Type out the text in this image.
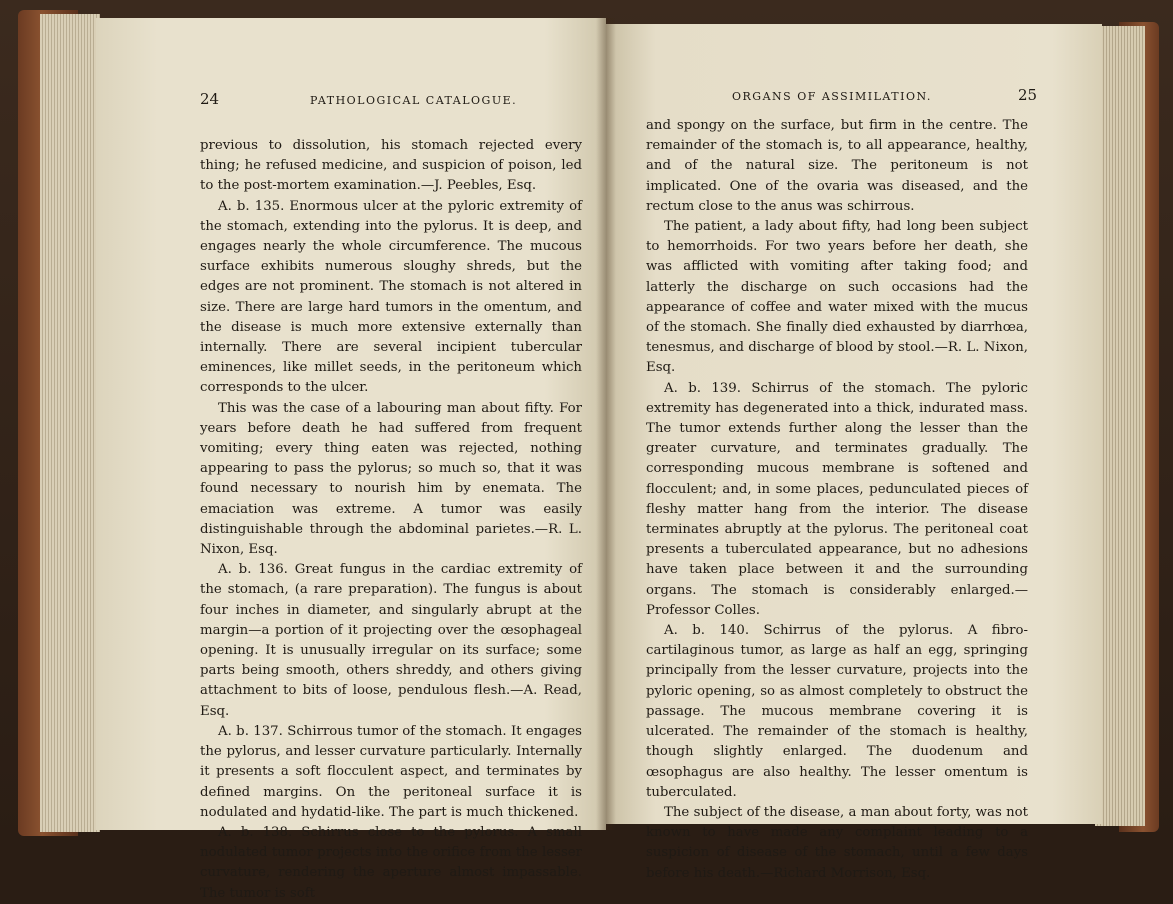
24	PATHOLOGICAL CATALOGUE.

previous to dissolution, his stomach rejected every thing; he refused medicine, and suspicion of poison, led to the post-mortem examination.—J. Peebles, Esq.

A. b. 135. Enormous ulcer at the pyloric extremity of the stomach, extending into the pylorus. It is deep, and engages nearly the whole circumference. The mucous surface exhibits numerous sloughy shreds, but the edges are not prominent. The stomach is not altered in size. There are large hard tumors in the omentum, and the disease is much more extensive externally than internally. There are several incipient tubercular eminences, like millet seeds, in the peritoneum which corresponds to the ulcer.

This was the case of a labouring man about fifty. For years before death he had suffered from frequent vomiting; every thing eaten was rejected, nothing appearing to pass the pylorus; so much so, that it was found necessary to nourish him by enemata. The emaciation was extreme. A tumor was easily distinguishable through the abdominal parietes.—R. L. Nixon, Esq.

A. b. 136. Great fungus in the cardiac extremity of the stomach, (a rare preparation). The fungus is about four inches in diameter, and singularly abrupt at the margin—a portion of it projecting over the œsophageal opening. It is unusually irregular on its surface; some parts being smooth, others shreddy, and others giving attachment to bits of loose, pendulous flesh.—A. Read, Esq.

A. b. 137. Schirrous tumor of the stomach. It engages the pylorus, and lesser curvature particularly. Internally it presents a soft flocculent aspect, and terminates by defined margins. On the peritoneal surface it is nodulated and hydatid-like. The part is much thickened.

A. b. 138. Schirrus close to the pylorus. A small nodulated tumor projects into the orifice from the lesser curvature, rendering the aperture almost impassable. The tumor is soft

ORGANS OF ASSIMILATION.	25

and spongy on the surface, but firm in the centre. The remainder of the stomach is, to all appearance, healthy, and of the natural size. The peritoneum is not implicated. One of the ovaria was diseased, and the rectum close to the anus was schirrous.

The patient, a lady about fifty, had long been subject to hemorrhoids. For two years before her death, she was afflicted with vomiting after taking food; and latterly the discharge on such occasions had the appearance of coffee and water mixed with the mucus of the stomach. She finally died exhausted by diarrhœa, tenesmus, and discharge of blood by stool.—R. L. Nixon, Esq.

A. b. 139. Schirrus of the stomach. The pyloric extremity has degenerated into a thick, indurated mass. The tumor extends further along the lesser than the greater curvature, and terminates gradually. The corresponding mucous membrane is softened and flocculent; and, in some places, pedunculated pieces of fleshy matter hang from the interior. The disease terminates abruptly at the pylorus. The peritoneal coat presents a tuberculated appearance, but no adhesions have taken place between it and the surrounding organs. The stomach is considerably enlarged.—Professor Colles.

A. b. 140. Schirrus of the pylorus. A fibro-cartilaginous tumor, as large as half an egg, springing principally from the lesser curvature, projects into the pyloric opening, so as almost completely to obstruct the passage. The mucous membrane covering it is ulcerated. The remainder of the stomach is healthy, though slightly enlarged. The duodenum and œsophagus are also healthy. The lesser omentum is tuberculated.

The subject of the disease, a man about forty, was not known to have made any complaint leading to a suspicion of disease of the stomach, until a few days before his death.—Richard Morrison, Esq.
